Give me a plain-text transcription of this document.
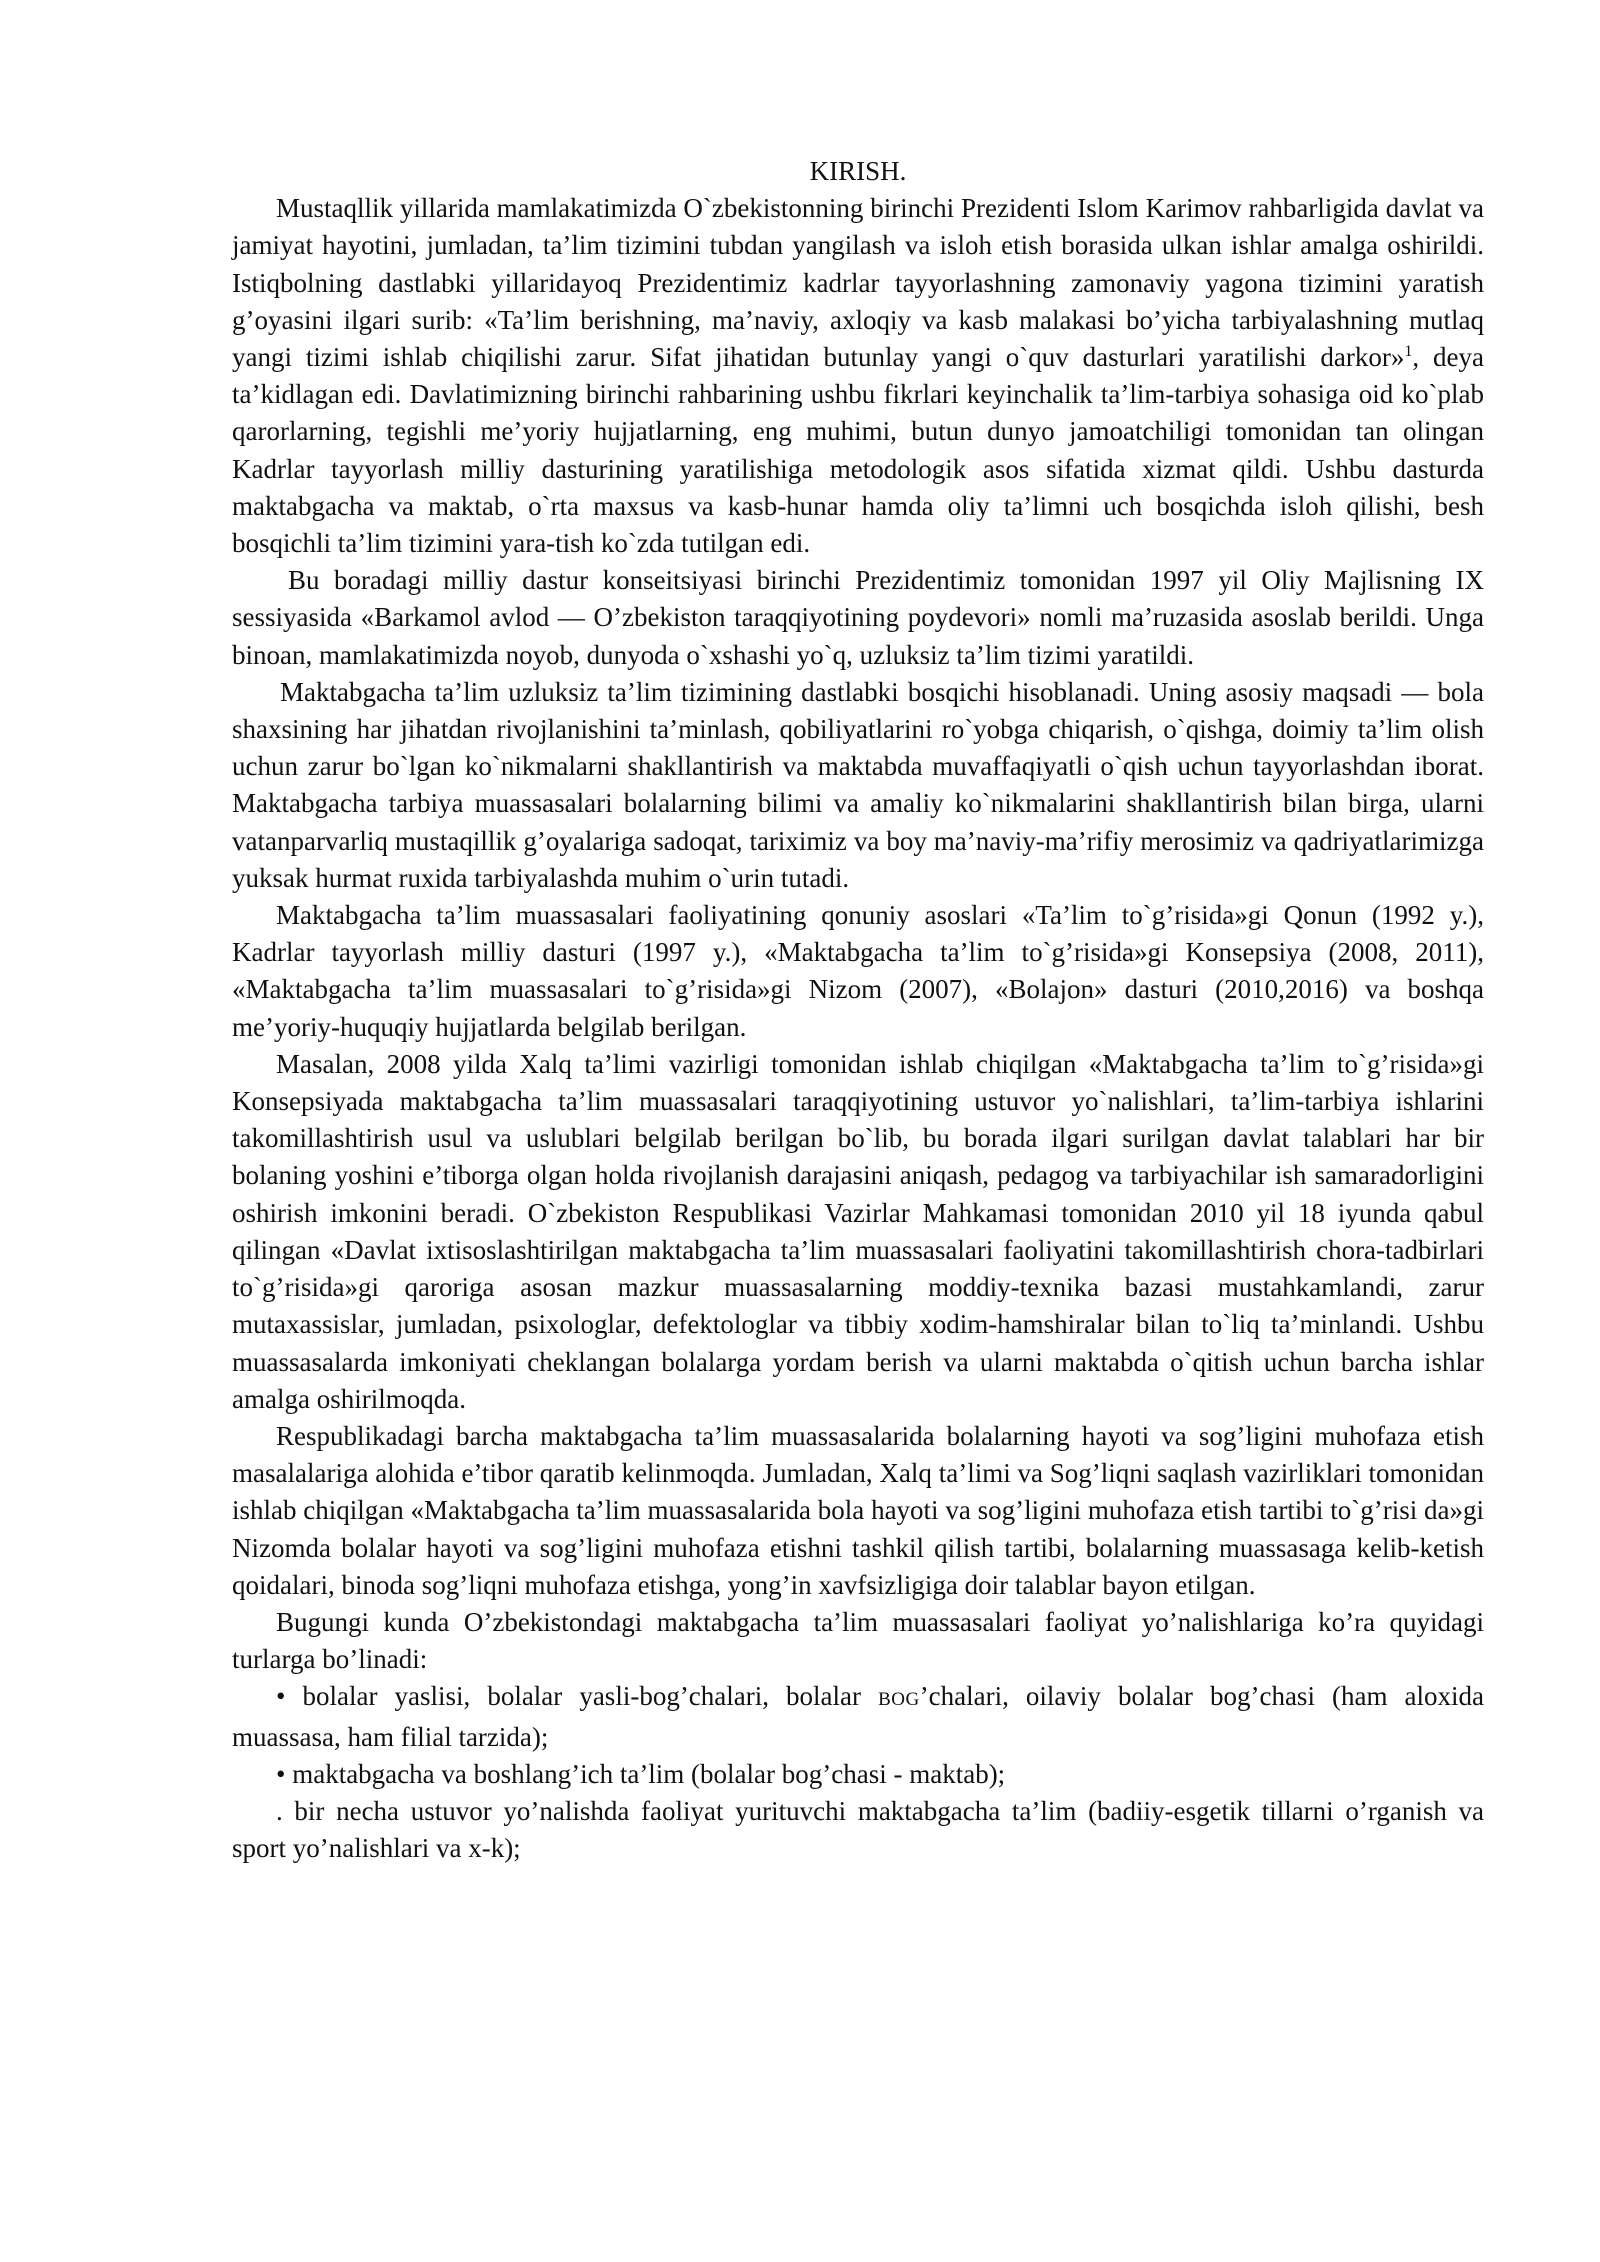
KIRISH.

Mustaqllik yillarida mamlakatimizda O`zbekistonning birinchi Prezidenti Islom Karimov rahbarligida davlat va jamiyat hayotini, jumladan, ta’lim tizimini tubdan yangilash va isloh etish borasida ulkan ishlar amalga oshirildi. Istiqbolning dastlabki yillaridayoq Prezidentimiz kadrlar tayyorlashning zamonaviy yagona tizimini yaratish g’oyasini ilgari surib: «Ta’lim berishning, ma’naviy, axloqiy va kasb malakasi bo’yicha tarbiyalashning mutlaq yangi tizimi ishlab chiqilishi zarur. Sifat jihatidan butunlay yangi o`quv dasturlari yaratilishi darkor»$^1$, deya ta’kidlagan edi. Davlatimizning birinchi rahbarining ushbu fikrlari keyinchalik ta’lim-tarbiya sohasiga oid ko`plab qarorlarning, tegishli me’yoriy hujjatlarning, eng muhimi, butun dunyo jamoatchiligi tomonidan tan olingan Kadrlar tayyorlash milliy dasturining yaratilishiga metodologik asos sifatida xizmat qildi. Ushbu dasturda maktabgacha va maktab, o`rta maxsus va kasb-hunar hamda oliy ta’limni uch bosqichda isloh qilishi, besh bosqichli ta’lim tizimini yara-tish ko`zda tutilgan edi.

Bu boradagi milliy dastur konseitsiyasi birinchi Prezidentimiz tomonidan 1997 yil Oliy Majlisning IX sessiyasida «Barkamol avlod — O’zbekiston taraqqiyotining poydevori» nomli ma’ruzasida asoslab berildi. Unga binoan, mamlakatimizda noyob, dunyoda o`xshashi yo`q, uzluksiz ta’lim tizimi yaratildi.

Maktabgacha ta’lim uzluksiz ta’lim tizimining dastlabki bosqichi hisoblanadi. Uning asosiy maqsadi — bola shaxsining har jihatdan rivojlanishini ta’minlash, qobiliyatlarini ro`yobga chiqarish, o`qishga, doimiy ta’lim olish uchun zarur bo`lgan ko`nikmalarni shakllantirish va maktabda muvaffaqiyatli o`qish uchun tayyorlashdan iborat. Maktabgacha tarbiya muassasalari bolalarning bilimi va amaliy ko`nikmalarini shakllantirish bilan birga, ularni vatanparvarliq mustaqillik g’oyalariga sadoqat, tariximiz va boy ma’naviy-ma’rifiy merosimiz va qadriyatlarimizga yuksak hurmat ruxida tarbiyalashda muhim o`urin tutadi.

Maktabgacha ta’lim muassasalari faoliyatining qonuniy asoslari «Ta’lim to`g’risida»gi Qonun (1992 y.), Kadrlar tayyorlash milliy dasturi (1997 y.), «Maktabgacha ta’lim to`g’risida»gi Konsepsiya (2008, 2011), «Maktabgacha ta’lim muassasalari to`g’risida»gi Nizom (2007), «Bolajon» dasturi (2010,2016) va boshqa me’yoriy-huquqiy hujjatlarda belgilab berilgan.

Masalan, 2008 yilda Xalq ta’limi vazirligi tomonidan ishlab chiqilgan «Maktabgacha ta’lim to`g’risida»gi Konsepsiyada maktabgacha ta’lim muassasalari taraqqiyotining ustuvor yo`nalishlari, ta’lim-tarbiya ishlarini takomillashtirish usul va uslublari belgilab berilgan bo`lib, bu borada ilgari surilgan davlat talablari har bir bolaning yoshini e’tiborga olgan holda rivojlanish darajasini aniqash, pedagog va tarbiyachilar ish samaradorligini oshirish imkonini beradi. O`zbekiston Respublikasi Vazirlar Mahkamasi tomonidan 2010 yil 18 iyunda qabul qilingan «Davlat ixtisoslashtirilgan maktabgacha ta’lim muassasalari faoliyatini takomillashtirish chora-tadbirlari to`g’risida»gi qaroriga asosan mazkur muassasalarning moddiy-texnika bazasi mustahkamlandi, zarur mutaxassislar, jumladan, psixologlar, defektologlar va tibbiy xodim-hamshiralar bilan to`liq ta’minlandi. Ushbu muassasalarda imkoniyati cheklangan bolalarga yordam berish va ularni maktabda o`qitish uchun barcha ishlar amalga oshirilmoqda.

Respublikadagi barcha maktabgacha ta’lim muassasalarida bolalarning hayoti va sog’ligini muhofaza etish masalalariga alohida e’tibor qaratib kelinmoqda. Jumladan, Xalq ta’limi va Sog’liqni saqlash vazirliklari tomonidan ishlab chiqilgan «Maktabgacha ta’lim muassasalarida bola hayoti va sog’ligini muhofaza etish tartibi to`g’risi da»gi Nizomda bolalar hayoti va sog’ligini muhofaza etishni tashkil qilish tartibi, bolalarning muassasaga kelib-ketish qoidalari, binoda sog’liqni muhofaza etishga, yong’in xavfsizligiga doir talablar bayon etilgan.

Bugungi kunda O’zbekistondagi maktabgacha ta’lim muassasalari faoliyat yo’nalishlariga ko’ra quyidagi turlarga bo’linadi:

• bolalar yaslisi, bolalar yasli-bog’chalari, bolalar BOG’chalari, oilaviy bolalar bog’chasi (ham aloxida muassasa, ham filial tarzida);

• maktabgacha va boshlang’ich ta’lim (bolalar bog’chasi - maktab);

. bir necha ustuvor yo’nalishda faoliyat yurituvchi maktabgacha ta’lim (badiiy-esgetik tillarni o’rganish va sport yo’nalishlari va x-k);
